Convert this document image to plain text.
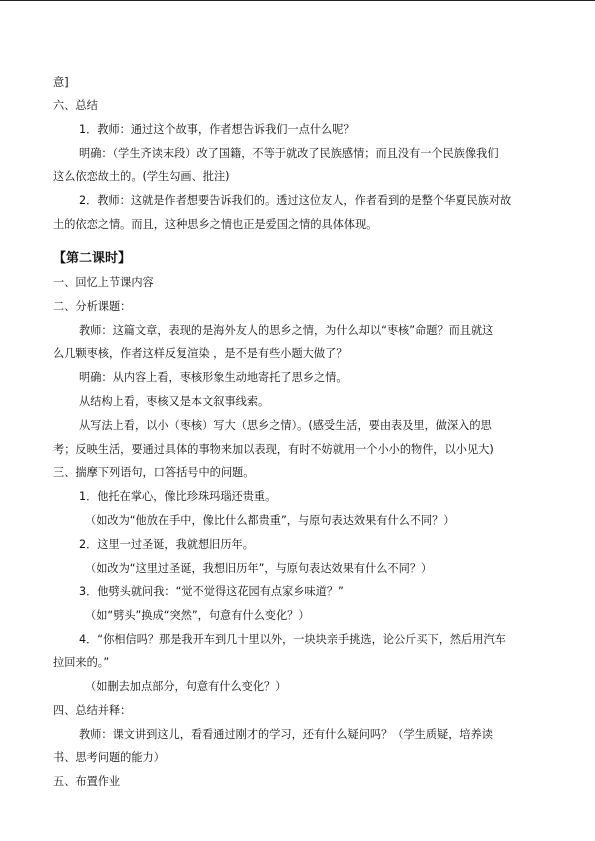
意]
六、总结
1．教师：通过这个故事，作者想告诉我们一点什么呢？
明确：（学生齐读末段）改了国籍，不等于就改了民族感情；而且没有一个民族像我们
这么依恋故土的。(学生勾画、批注)
2．教师：这就是作者想要告诉我们的。透过这位友人，作者看到的是整个华夏民族对故
土的依恋之情。而且，这种思乡之情也正是爱国之情的具体体现。
【第二课时】
一、回忆上节课内容
二、分析课题：
教师：这篇文章，表现的是海外友人的思乡之情，为什么却以“枣核”命题？而且就这
么几颗枣核，作者这样反复渲染 ，是不是有些小题大做了？
明确：从内容上看，枣核形象生动地寄托了思乡之情。
从结构上看，枣核又是本文叙事线索。
从写法上看，以小（枣核）写大（思乡之情）。(感受生活，要由表及里，做深入的思
考；反映生活，要通过具体的事物来加以表现，有时不妨就用一个小小的物件，以小见大)
三、揣摩下列语句，口答括号中的问题。
1．他托在掌心，像比珍珠玛瑙还贵重。
（如改为“他放在手中，像比什么都贵重”，与原句表达效果有什么不同？）
2．这里一过圣诞，我就想旧历年。
（如改为“这里过圣诞，我想旧历年”，与原句表达效果有什么不同？）
3．他劈头就问我：“觉不觉得这花园有点家乡味道？”
（如“劈头”换成“突然”，句意有什么变化？）
4．“你相信吗？那是我开车到几十里以外，一块块亲手挑选，论公斤买下，然后用汽车
拉回来的。”
（如删去加点部分，句意有什么变化？）
四、总结并释：
教师：课文讲到这儿，看看通过刚才的学习，还有什么疑问吗？（学生质疑，培养读
书、思考问题的能力）
五、布置作业
